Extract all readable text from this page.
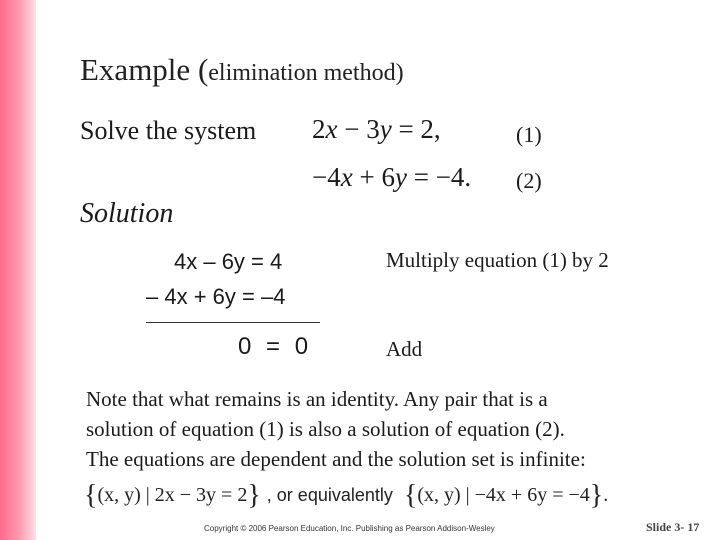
Example (elimination method)
Solve the system 2x − 3y = 2,	(1)
−4x + 6y = −4. (2)
Solution
4x – 6y = 4
– 4x + 6y = –4
0 = 0
Multiply equation (1) by 2
Add
Note that what remains is an identity. Any pair that is a
solution of equation (1) is also a solution of equation (2).
The equations are dependent and the solution set is infinite:
{(x, y) | 2x − 3y = 2} , or equivalently {(x, y) | −4x + 6y = −4}.
Copyright © 2006 Pearson Education, Inc. Publishing as Pearson Addison-Wesley	Slide 3- 17
